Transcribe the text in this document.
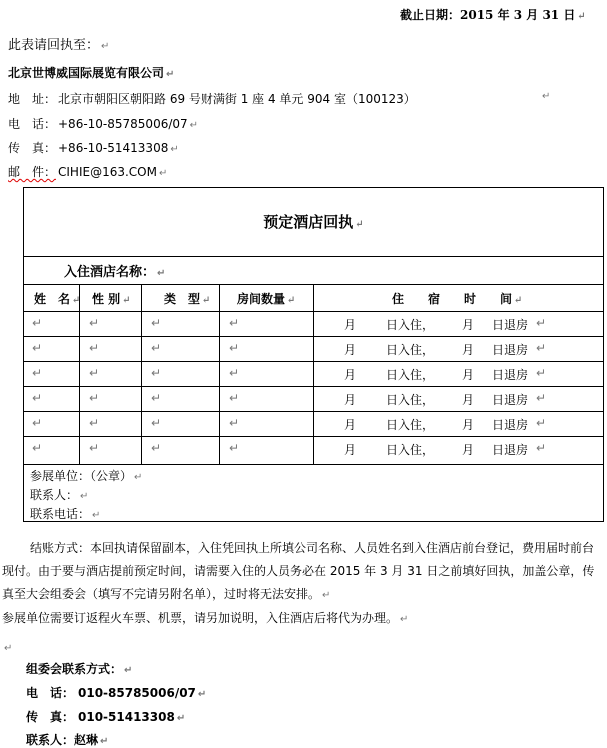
截止日期：2015 年 3 月 31 日 ↵
此表请回执至： ↵
北京世博威国际展览有限公司 ↵
地　址： 北京市朝阳区朝阳路 69 号财满街 1 座 4 单元 904 室（100123）	↵
电　话： +86-10-85785006/07 ↵
传　真： +86-10-51413308 ↵
邮　件： CIHIE@163.COM ↵
预定酒店回执 ↵
入住酒店名称： ↵
姓　名 ↵ 性 别 ↵	类　型 ↵ 房间数量 ↵	住　　宿　　时　　间 ↵
↵	↵	↵	↵	月 日入住， 月 日退房 ↵
↵	↵	↵	↵	月 日入住， 月 日退房 ↵
↵	↵	↵	↵	月 日入住， 月 日退房 ↵
↵	↵	↵	↵	月 日入住， 月 日退房 ↵
↵	↵	↵	↵	月 日入住， 月 日退房 ↵
↵	↵	↵	↵	月 日入住， 月 日退房 ↵
参展单位：（公章） ↵
联系人： ↵
联系电话： ↵

结账方式：本回执请保留副本，入住凭回执上所填公司名称、人员姓名到入住酒店前台登记，费用届时前台现付。由于要与酒店提前预定时间，请需要入住的人员务必在 2015 年 3 月 31 日之前填好回执，加盖公章，传真至大会组委会（填写不完请另附名单），过时将无法安排。 ↵

参展单位需要订返程火车票、机票，请另加说明，入住酒店后将代为办理。 ↵

↵
组委会联系方式： ↵
电　话： 010-85785006/07 ↵
传　真： 010-51413308 ↵
联系人：赵琳 ↵
